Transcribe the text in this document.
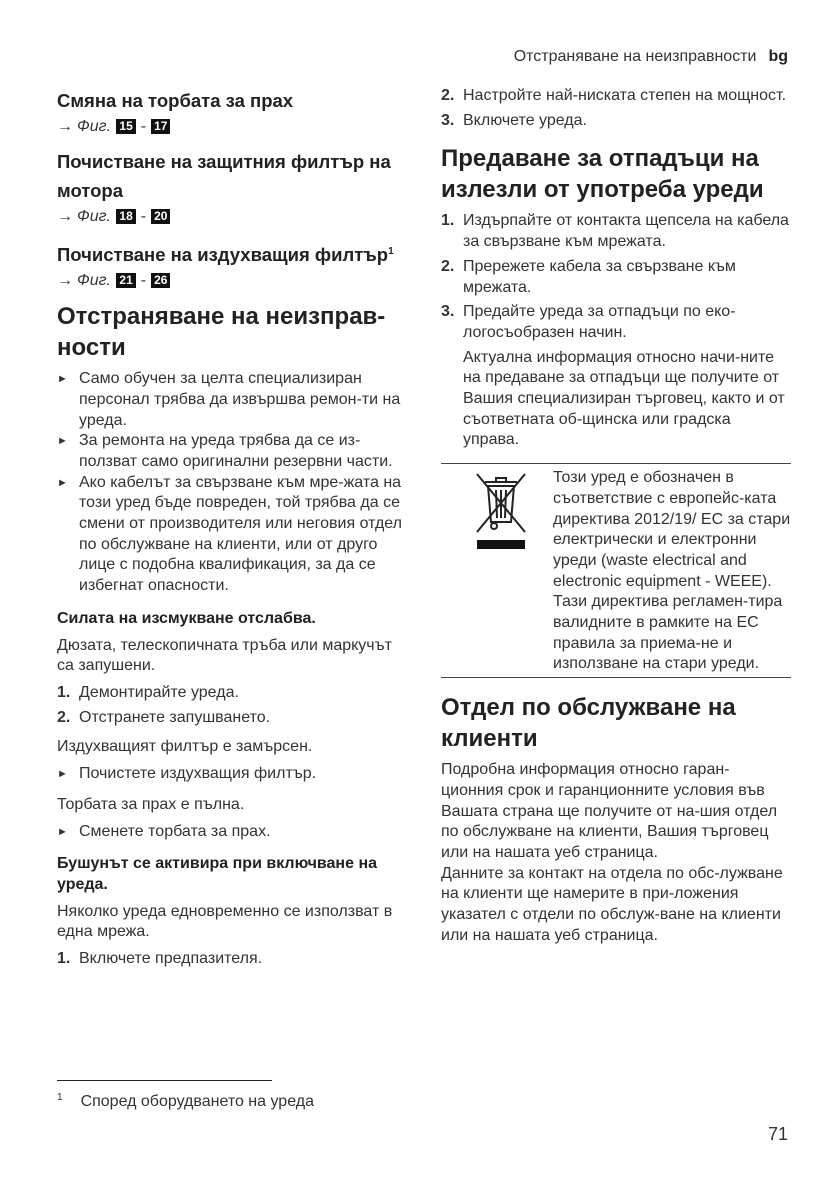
Отстраняване на неизправности bg

Смяна на торбата за прах

→ Фиг. 15 - 17

Почистване на защитния филтър на мотора

→ Фиг. 18 - 20

Почистване на издухващия филтър$^1$

→ Фиг. 21 - 26

Отстраняване на неизправ-ности

► Само обучен за целта специализиран персонал трябва да извършва ремон-ти на уреда.
► За ремонта на уреда трябва да се из-ползват само оригинални резервни части.
► Ако кабелът за свързване към мре-жата на този уред бъде повреден, той трябва да се смени от производителя или неговия отдел по обслужване на клиенти, или от друго лице с подобна квалификация, за да се избегнат опасности.

Силата на изсмукване отслабва.

Дюзата, телескопичната тръба или маркучът са запушени.

1. Демонтирайте уреда.
2. Отстранете запушването.

Издухващият филтър е замърсен.

► Почистете издухващия филтър.

Торбата за прах е пълна.

► Сменете торбата за прах.

Бушунът се активира при включване на уреда.

Няколко уреда едновременно се използват в една мрежа.

1. Включете предпазителя.
2. Настройте най-ниската степен на мощност.
3. Включете уреда.

Предаване за отпадъци на излезли от употреба уреди

1. Издърпайте от контакта щепсела на кабела за свързване към мрежата.
2. Прережете кабела за свързване към мрежата.
3. Предайте уреда за отпадъци по еко-логосъобразен начин.

Актуална информация относно начи-ните на предаване за отпадъци ще получите от Вашия специализиран търговец, както и от съответната об-щинска или градска управа.

Този уред е обозначен в съответствие с европейс-ката директива 2012/19/ EC за стари електрически и електронни уреди (waste electrical and electronic equipment - WEEE).
Тази директива регламен-тира валидните в рамките на ЕС правила за приема-не и използване на стари уреди.

Отдел по обслужване на клиенти

Подробна информация относно гаран-ционния срок и гаранционните условия във Вашата страна ще получите от на-шия отдел по обслужване на клиенти, Вашия търговец или на нашата уеб страница.

Данните за контакт на отдела по обс-лужване на клиенти ще намерите в при-ложения указател с отдели по обслуж-ване на клиенти или на нашата уеб страница.

$^1$ Според оборудването на уреда
71
